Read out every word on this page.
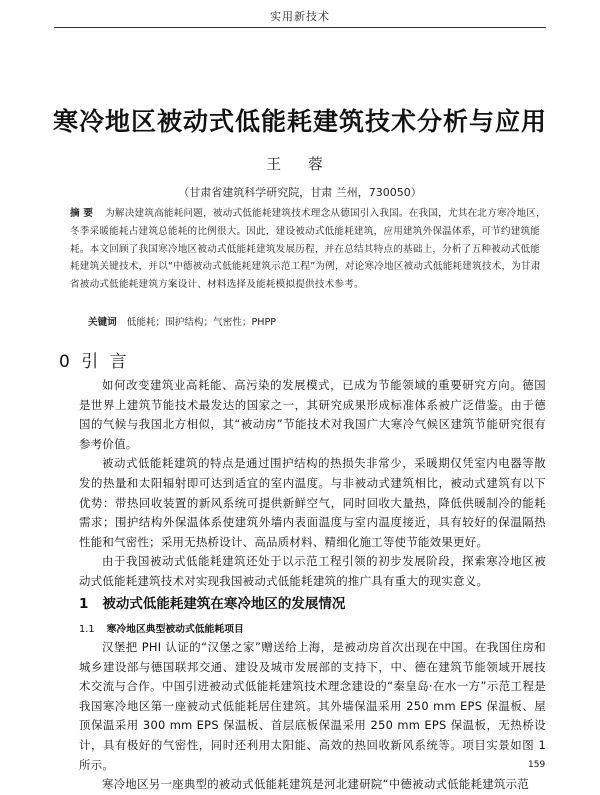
实用新技术
寒冷地区被动式低能耗建筑技术分析与应用
王 蓉
（甘肃省建筑科学研究院，甘肃 兰州，730050）
摘 要 为解决建筑高能耗问题，被动式低能耗建筑技术理念从德国引入我国。在我国，尤其在北方寒冷地区，冬季采暖能耗占建筑总能耗的比例很大。因此，建设被动式低能耗建筑，应用建筑外保温体系，可节约建筑能耗。本文回顾了我国寒冷地区被动式低能耗建筑发展历程，并在总结其特点的基础上，分析了五种被动式低能耗建筑关键技术，并以“中德被动式低能耗建筑示范工程”为例，对论寒冷地区被动式低能耗建筑技术，为甘肃省被动式低能耗建筑方案设计、材料选择及能耗模拟提供技术参考。
关键词 低能耗；围护结构；气密性；PHPP
0 引 言

如何改变建筑业高耗能、高污染的发展模式，已成为节能领域的重要研究方向。德国是世界上建筑节能技术最发达的国家之一，其研究成果形成标准体系被广泛借鉴。由于德国的气候与我国北方相似，其“被动房”节能技术对我国广大寒冷气候区建筑节能研究很有参考价值。

被动式低能耗建筑的特点是通过围护结构的热损失非常少，采暖期仅凭室内电器等散发的热量和太阳辐射即可达到适宜的室内温度。与非被动式建筑相比，被动式建筑有以下优势：带热回收装置的新风系统可提供新鲜空气，同时回收大量热，降低供暖制冷的能耗需求；围护结构外保温体系使建筑外墙内表面温度与室内温度接近，具有较好的保温隔热性能和气密性；采用无热桥设计、高品质材料、精细化施工等使节能效果更好。

由于我国被动式低能耗建筑还处于以示范工程引领的初步发展阶段，探索寒冷地区被动式低能耗建筑技术对实现我国被动式低能耗建筑的推广具有重大的现实意义。

1 被动式低能耗建筑在寒冷地区的发展情况
1.1 寒冷地区典型被动式低能耗项目

汉堡把 PHI 认证的“汉堡之家”赠送给上海，是被动房首次出现在中国。在我国住房和城乡建设部与德国联邦交通、建设及城市发展部的支持下，中、德在建筑节能领域开展技术交流与合作。中国引进被动式低能耗建筑技术理念建设的“秦皇岛·在水一方”示范工程是我国寒冷地区第一座被动式低能耗居住建筑。其外墙保温采用 250 mm EPS 保温板、屋顶保温采用 300 mm EPS 保温板、首层底板保温采用 250 mm EPS 保温板，无热桥设计，具有极好的气密性，同时还利用太阳能、高效的热回收新风系统等。项目实景如图 1 所示。

寒冷地区另一座典型的被动式低能耗建筑是河北建研院“中德被动式低能耗建筑示范

159
